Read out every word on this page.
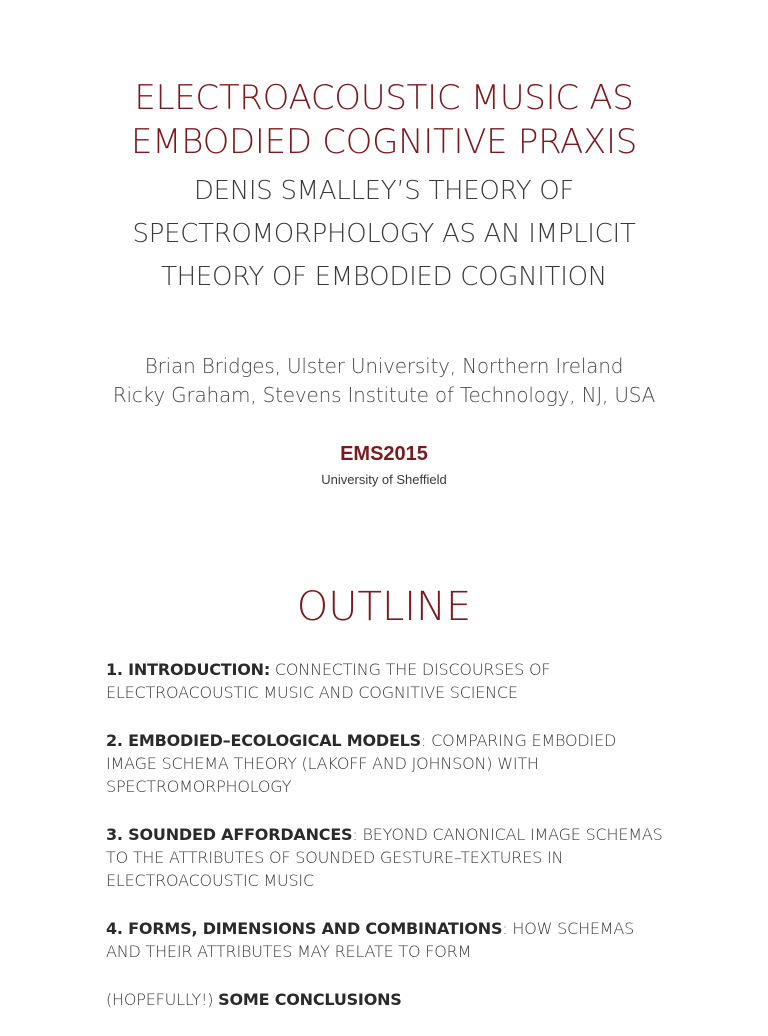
ELECTROACOUSTIC MUSIC AS
EMBODIED COGNITIVE PRAXIS
DENIS SMALLEY’S THEORY OF
SPECTROMORPHOLOGY AS AN IMPLICIT
THEORY OF EMBODIED COGNITION
Brian Bridges, Ulster University, Northern Ireland
Ricky Graham, Stevens Institute of Technology, NJ, USA
EMS2015
University of Sheffield
OUTLINE
1. INTRODUCTION: CONNECTING THE DISCOURSES OF ELECTROACOUSTIC MUSIC AND COGNITIVE SCIENCE
2. EMBODIED–ECOLOGICAL MODELS: COMPARING EMBODIED IMAGE SCHEMA THEORY (LAKOFF AND JOHNSON) WITH SPECTROMORPHOLOGY
3. SOUNDED AFFORDANCES: BEYOND CANONICAL IMAGE SCHEMAS TO THE ATTRIBUTES OF SOUNDED GESTURE–TEXTURES IN ELECTROACOUSTIC MUSIC
4. FORMS, DIMENSIONS AND COMBINATIONS: HOW SCHEMAS AND THEIR ATTRIBUTES MAY RELATE TO FORM
(HOPEFULLY!) SOME CONCLUSIONS
